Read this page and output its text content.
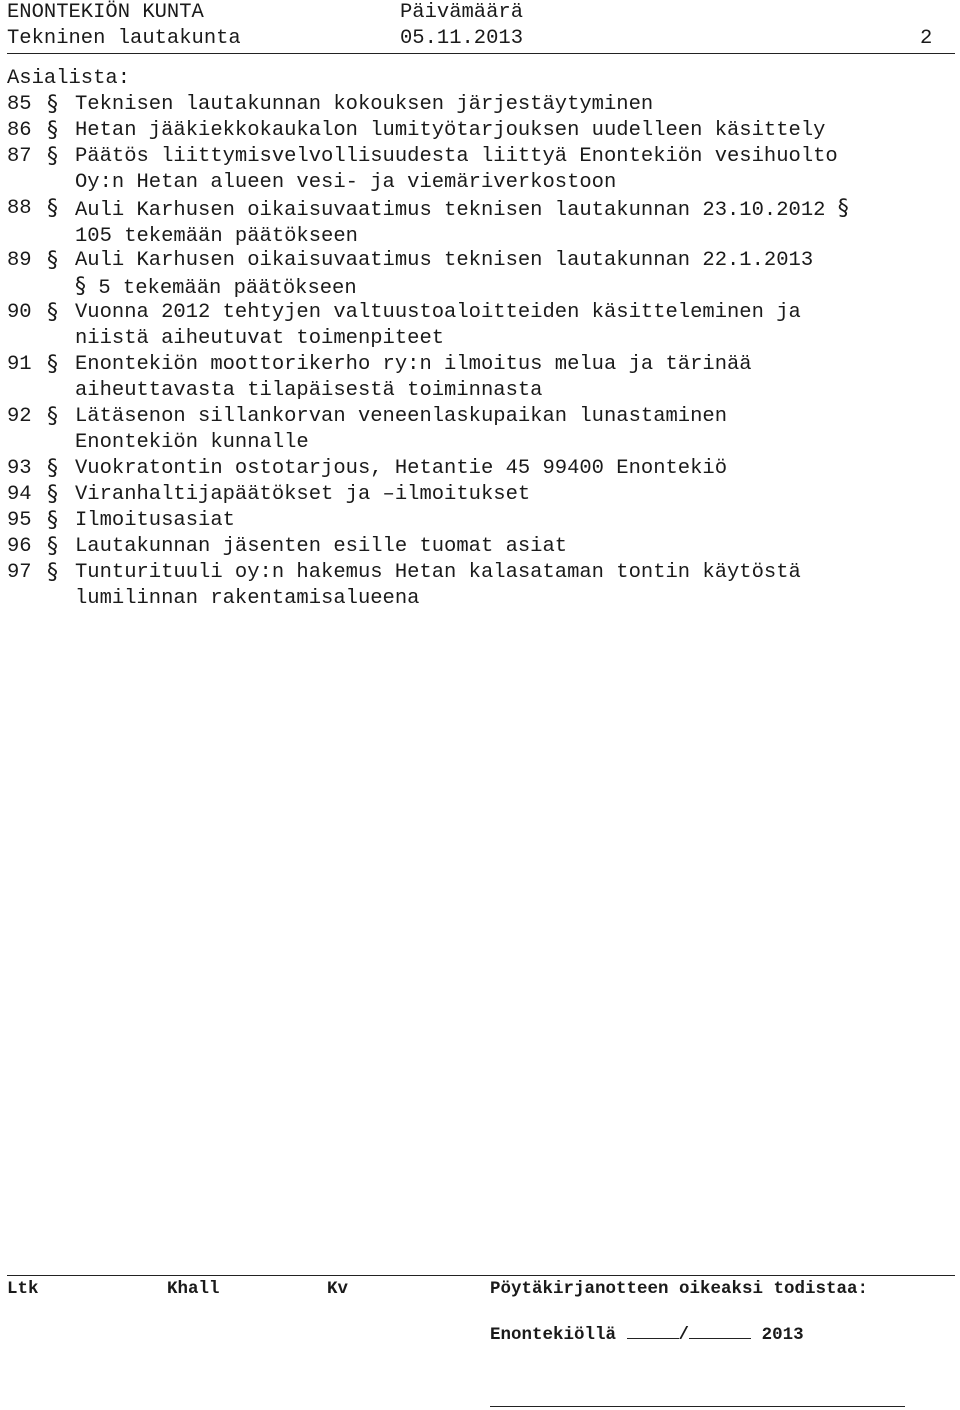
ENONTEKIÖN KUNTA	Päivämäärä
Tekninen lautakunta	05.11.2013	2
Asialista:
85 § Teknisen lautakunnan kokouksen järjestäytyminen
86 § Hetan jääkiekkokaukalon lumityötarjouksen uudelleen käsittely
87 § Päätös liittymisvelvollisuudesta liittyä Enontekiön vesihuolto
Oy:n Hetan alueen vesi- ja viemäriverkostoon
88 § Auli Karhusen oikaisuvaatimus teknisen lautakunnan 23.10.2012 §
105 tekemään päätökseen
89 § Auli Karhusen oikaisuvaatimus teknisen lautakunnan 22.1.2013
§ 5 tekemään päätökseen
90 § Vuonna 2012 tehtyjen valtuustoaloitteiden käsitteleminen ja
niistä aiheutuvat toimenpiteet
91 § Enontekiön moottorikerho ry:n ilmoitus melua ja tärinää
aiheuttavasta tilapäisestä toiminnasta
92 § Lätäsenon sillankorvan veneenlaskupaikan lunastaminen
Enontekiön kunnalle
93 § Vuokratontin ostotarjous, Hetantie 45 99400 Enontekiö
94 § Viranhaltijapäätökset ja –ilmoitukset
95 § Ilmoitusasiat
96 § Lautakunnan jäsenten esille tuomat asiat
97 § Tunturituuli oy:n hakemus Hetan kalasataman tontin käytöstä
lumilinnan rakentamisalueena
Ltk	Khall	Kv	Pöytäkirjanotteen oikeaksi todistaa:
Enontekiöllä	/	2013
